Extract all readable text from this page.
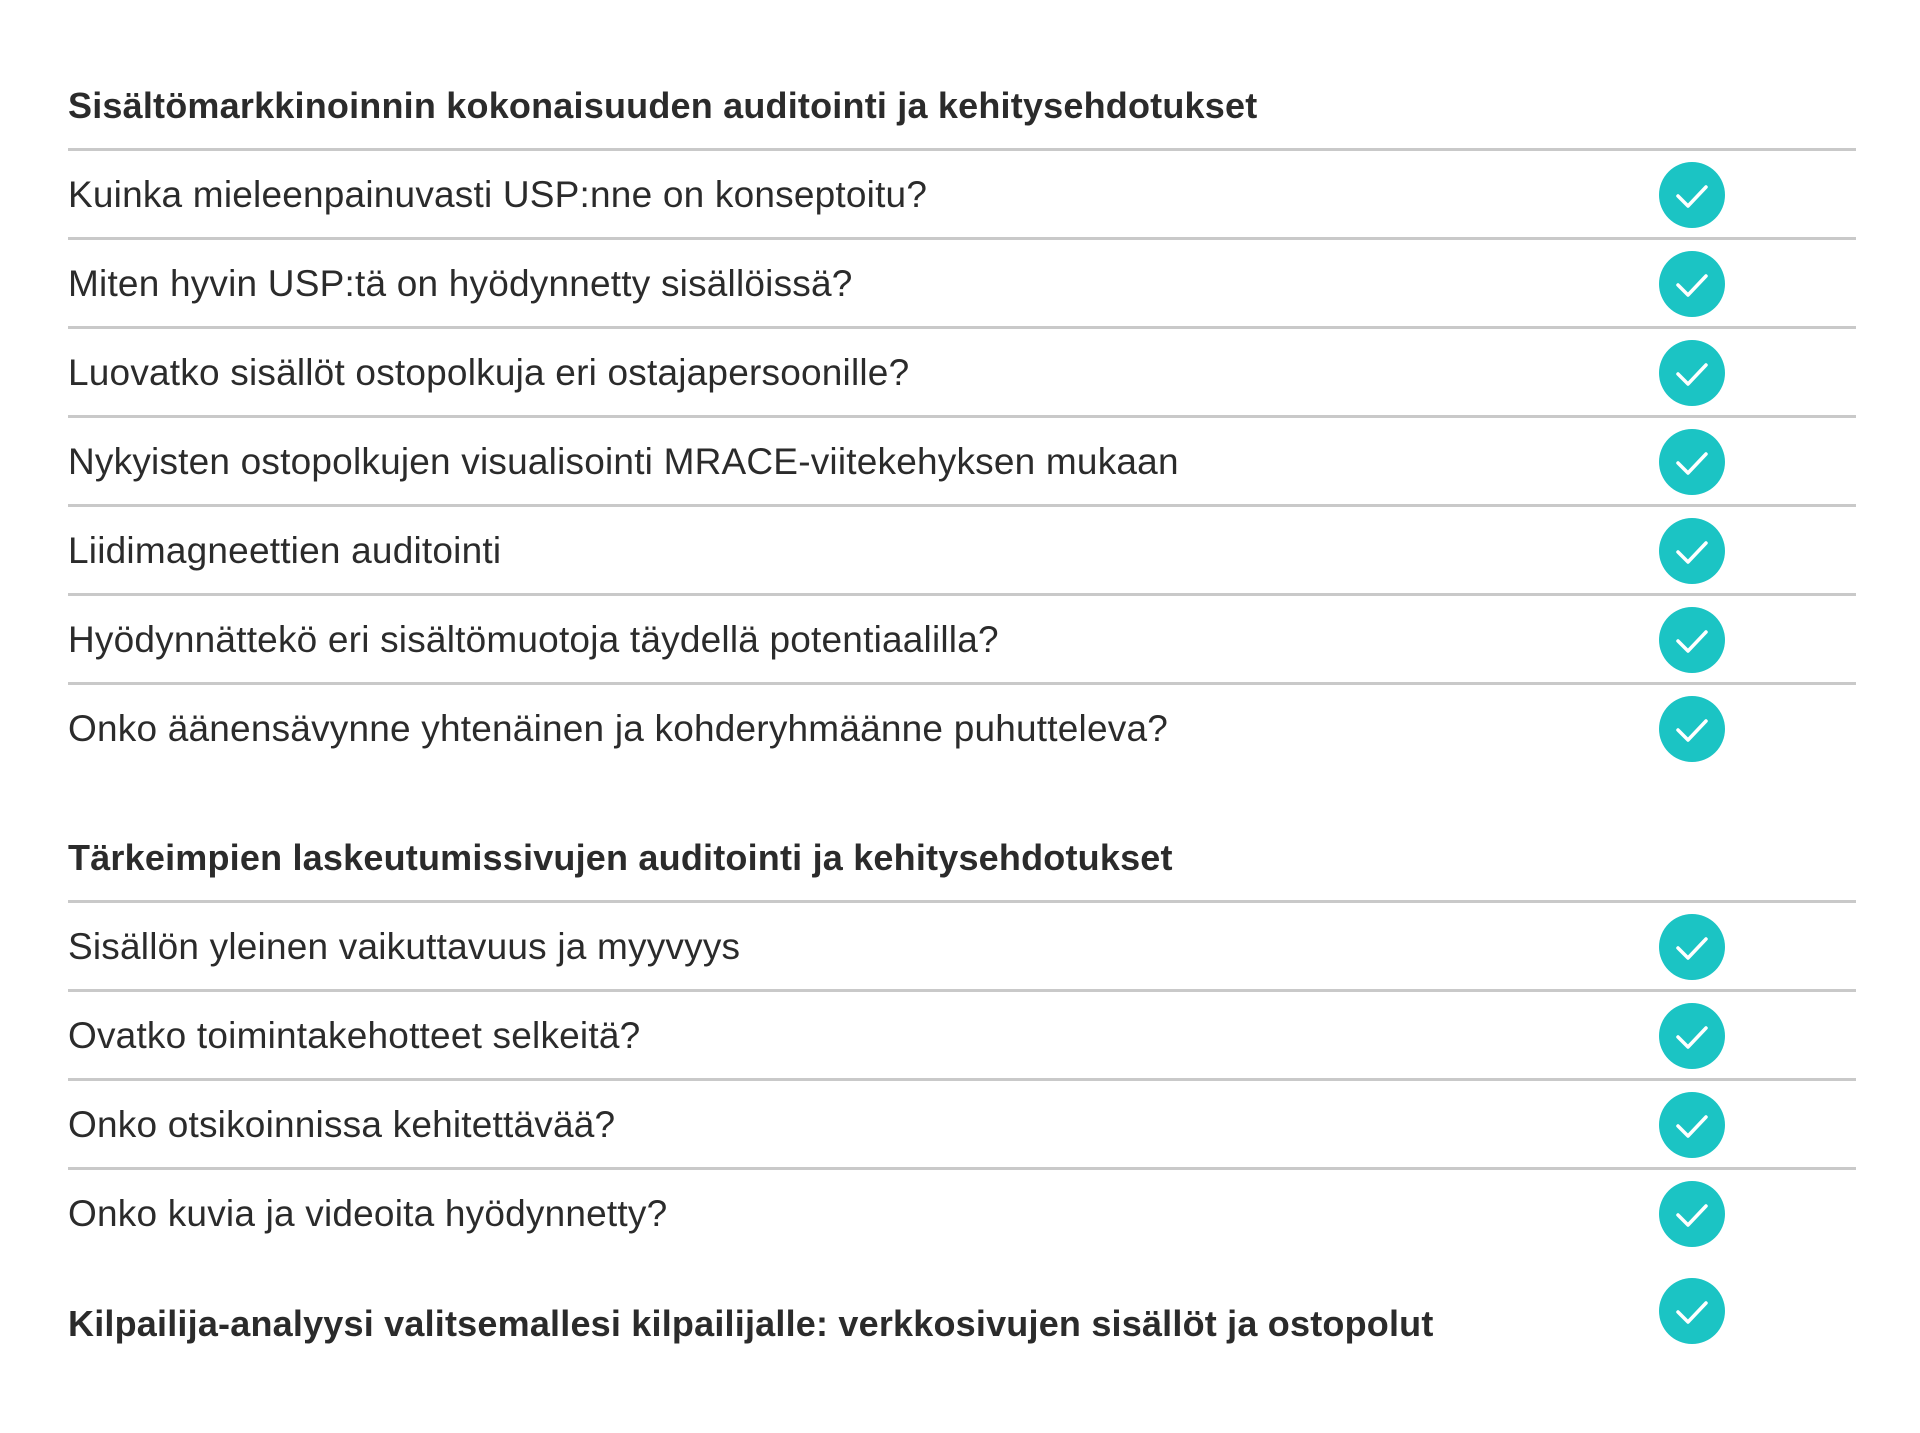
Sisältömarkkinoinnin kokonaisuuden auditointi ja kehitysehdotukset
Kuinka mieleenpainuvasti USP:nne on konseptoitu?
Miten hyvin USP:tä on hyödynnetty sisällöissä?
Luovatko sisällöt ostopolkuja eri ostajapersoonille?
Nykyisten ostopolkujen visualisointi MRACE-viitekehyksen mukaan
Liidimagneettien auditointi
Hyödynnättekö eri sisältömuotoja täydellä potentiaalilla?
Onko äänensävynne yhtenäinen ja kohderyhmäänne puhutteleva?
Tärkeimpien laskeutumissivujen auditointi ja kehitysehdotukset
Sisällön yleinen vaikuttavuus ja myyvyys
Ovatko toimintakehotteet selkeitä?
Onko otsikoinnissa kehitettävää?
Onko kuvia ja videoita hyödynnetty?
Kilpailija-analyysi valitsemallesi kilpailijalle: verkkosivujen sisällöt ja ostopolut
